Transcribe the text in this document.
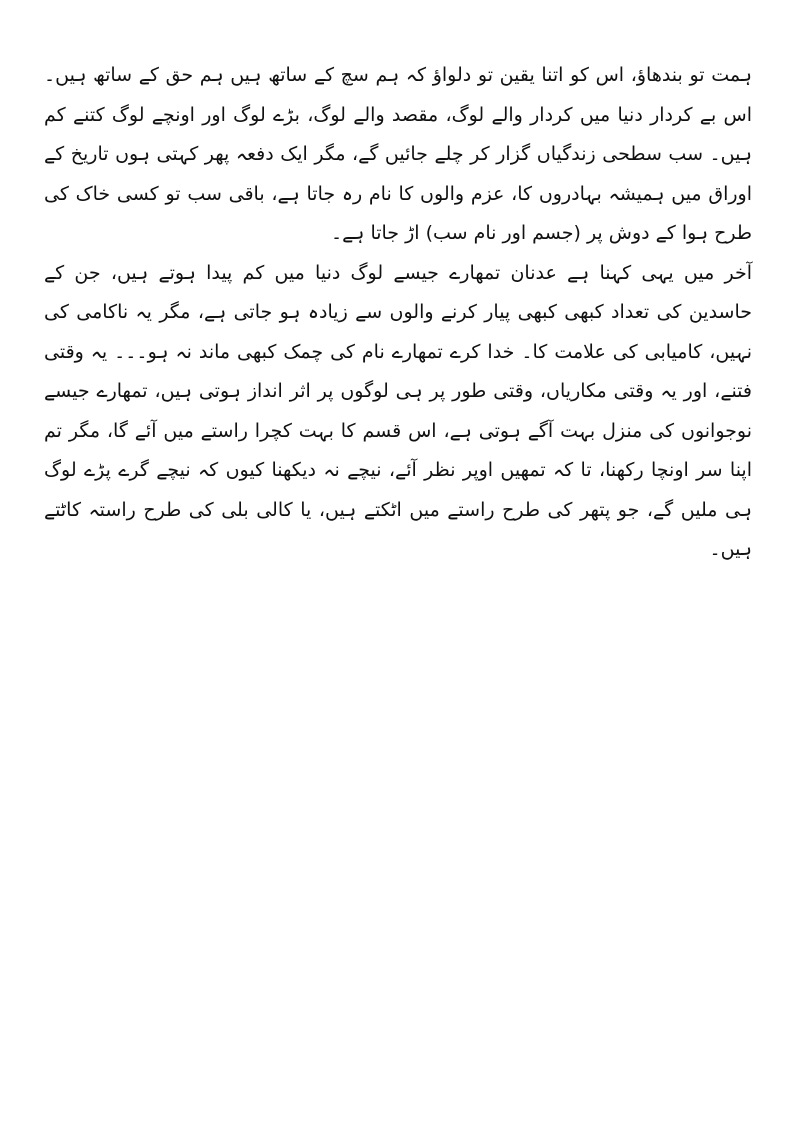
ہمت تو بندھاؤ، اس کو اتنا یقین تو دلواؤ کہ ہم سچ کے ساتھ ہیں ہم حق کے ساتھ ہیں۔ اس بے کردار دنیا میں کردار والے لوگ، مقصد والے لوگ، بڑے لوگ اور اونچے لوگ کتنے کم ہیں۔ سب سطحی زندگیاں گزار کر چلے جائیں گے، مگر ایک دفعہ پھر کہتی ہوں تاریخ کے اوراق میں ہمیشہ بہادروں کا، عزم والوں کا نام رہ جاتا ہے، باقی سب تو کسی خاک کی طرح ہوا کے دوش پر (جسم اور نام سب) اڑ جاتا ہے۔

آخر میں یہی کہنا ہے عدنان تمھارے جیسے لوگ دنیا میں کم پیدا ہوتے ہیں، جن کے حاسدین کی تعداد کبھی کبھی پیار کرنے والوں سے زیادہ ہو جاتی ہے، مگر یہ ناکامی کی نہیں، کامیابی کی علامت کا۔ خدا کرے تمھارے نام کی چمک کبھی ماند نہ ہو۔۔۔ یہ وقتی فتنے، اور یہ وقتی مکاریاں، وقتی طور پر ہی لوگوں پر اثر انداز ہوتی ہیں، تمھارے جیسے نوجوانوں کی منزل بہت آگے ہوتی ہے، اس قسم کا بہت کچرا راستے میں آئے گا، مگر تم اپنا سر اونچا رکھنا، تا کہ تمھیں اوپر نظر آئے، نیچے نہ دیکھنا کیوں کہ نیچے گرے پڑے لوگ ہی ملیں گے، جو پتھر کی طرح راستے میں اٹکتے ہیں، یا کالی بلی کی طرح راستہ کاٹتے ہیں۔
